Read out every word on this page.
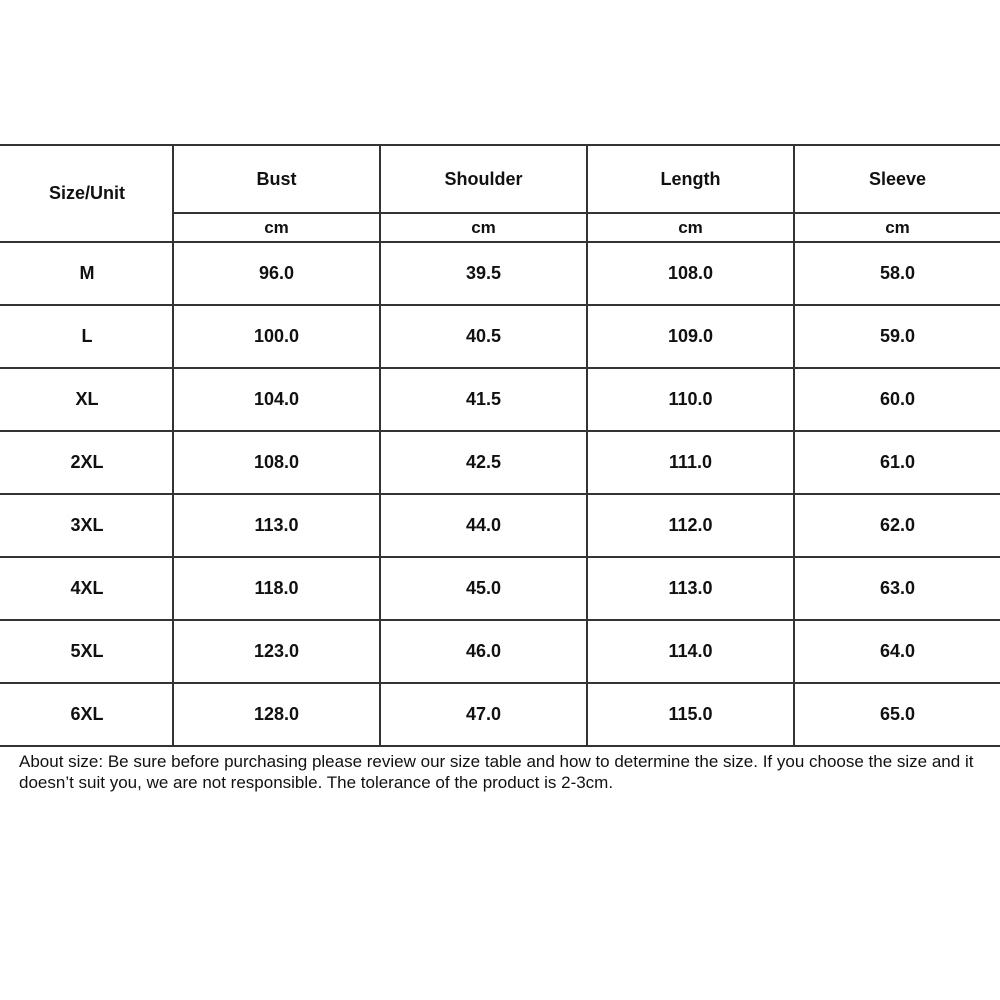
Size/Unit	Bust	Shoulder	Length	Sleeve
	cm	cm	cm	cm
M	96.0	39.5	108.0	58.0
L	100.0	40.5	109.0	59.0
XL	104.0	41.5	110.0	60.0
2XL	108.0	42.5	111.0	61.0
3XL	113.0	44.0	112.0	62.0
4XL	118.0	45.0	113.0	63.0
5XL	123.0	46.0	114.0	64.0
6XL	128.0	47.0	115.0	65.0
About size: Be sure before purchasing please review our size table and how to determine the size. If you choose the size and it doesn’t suit you, we are not responsible. The tolerance of the product is 2-3cm.
